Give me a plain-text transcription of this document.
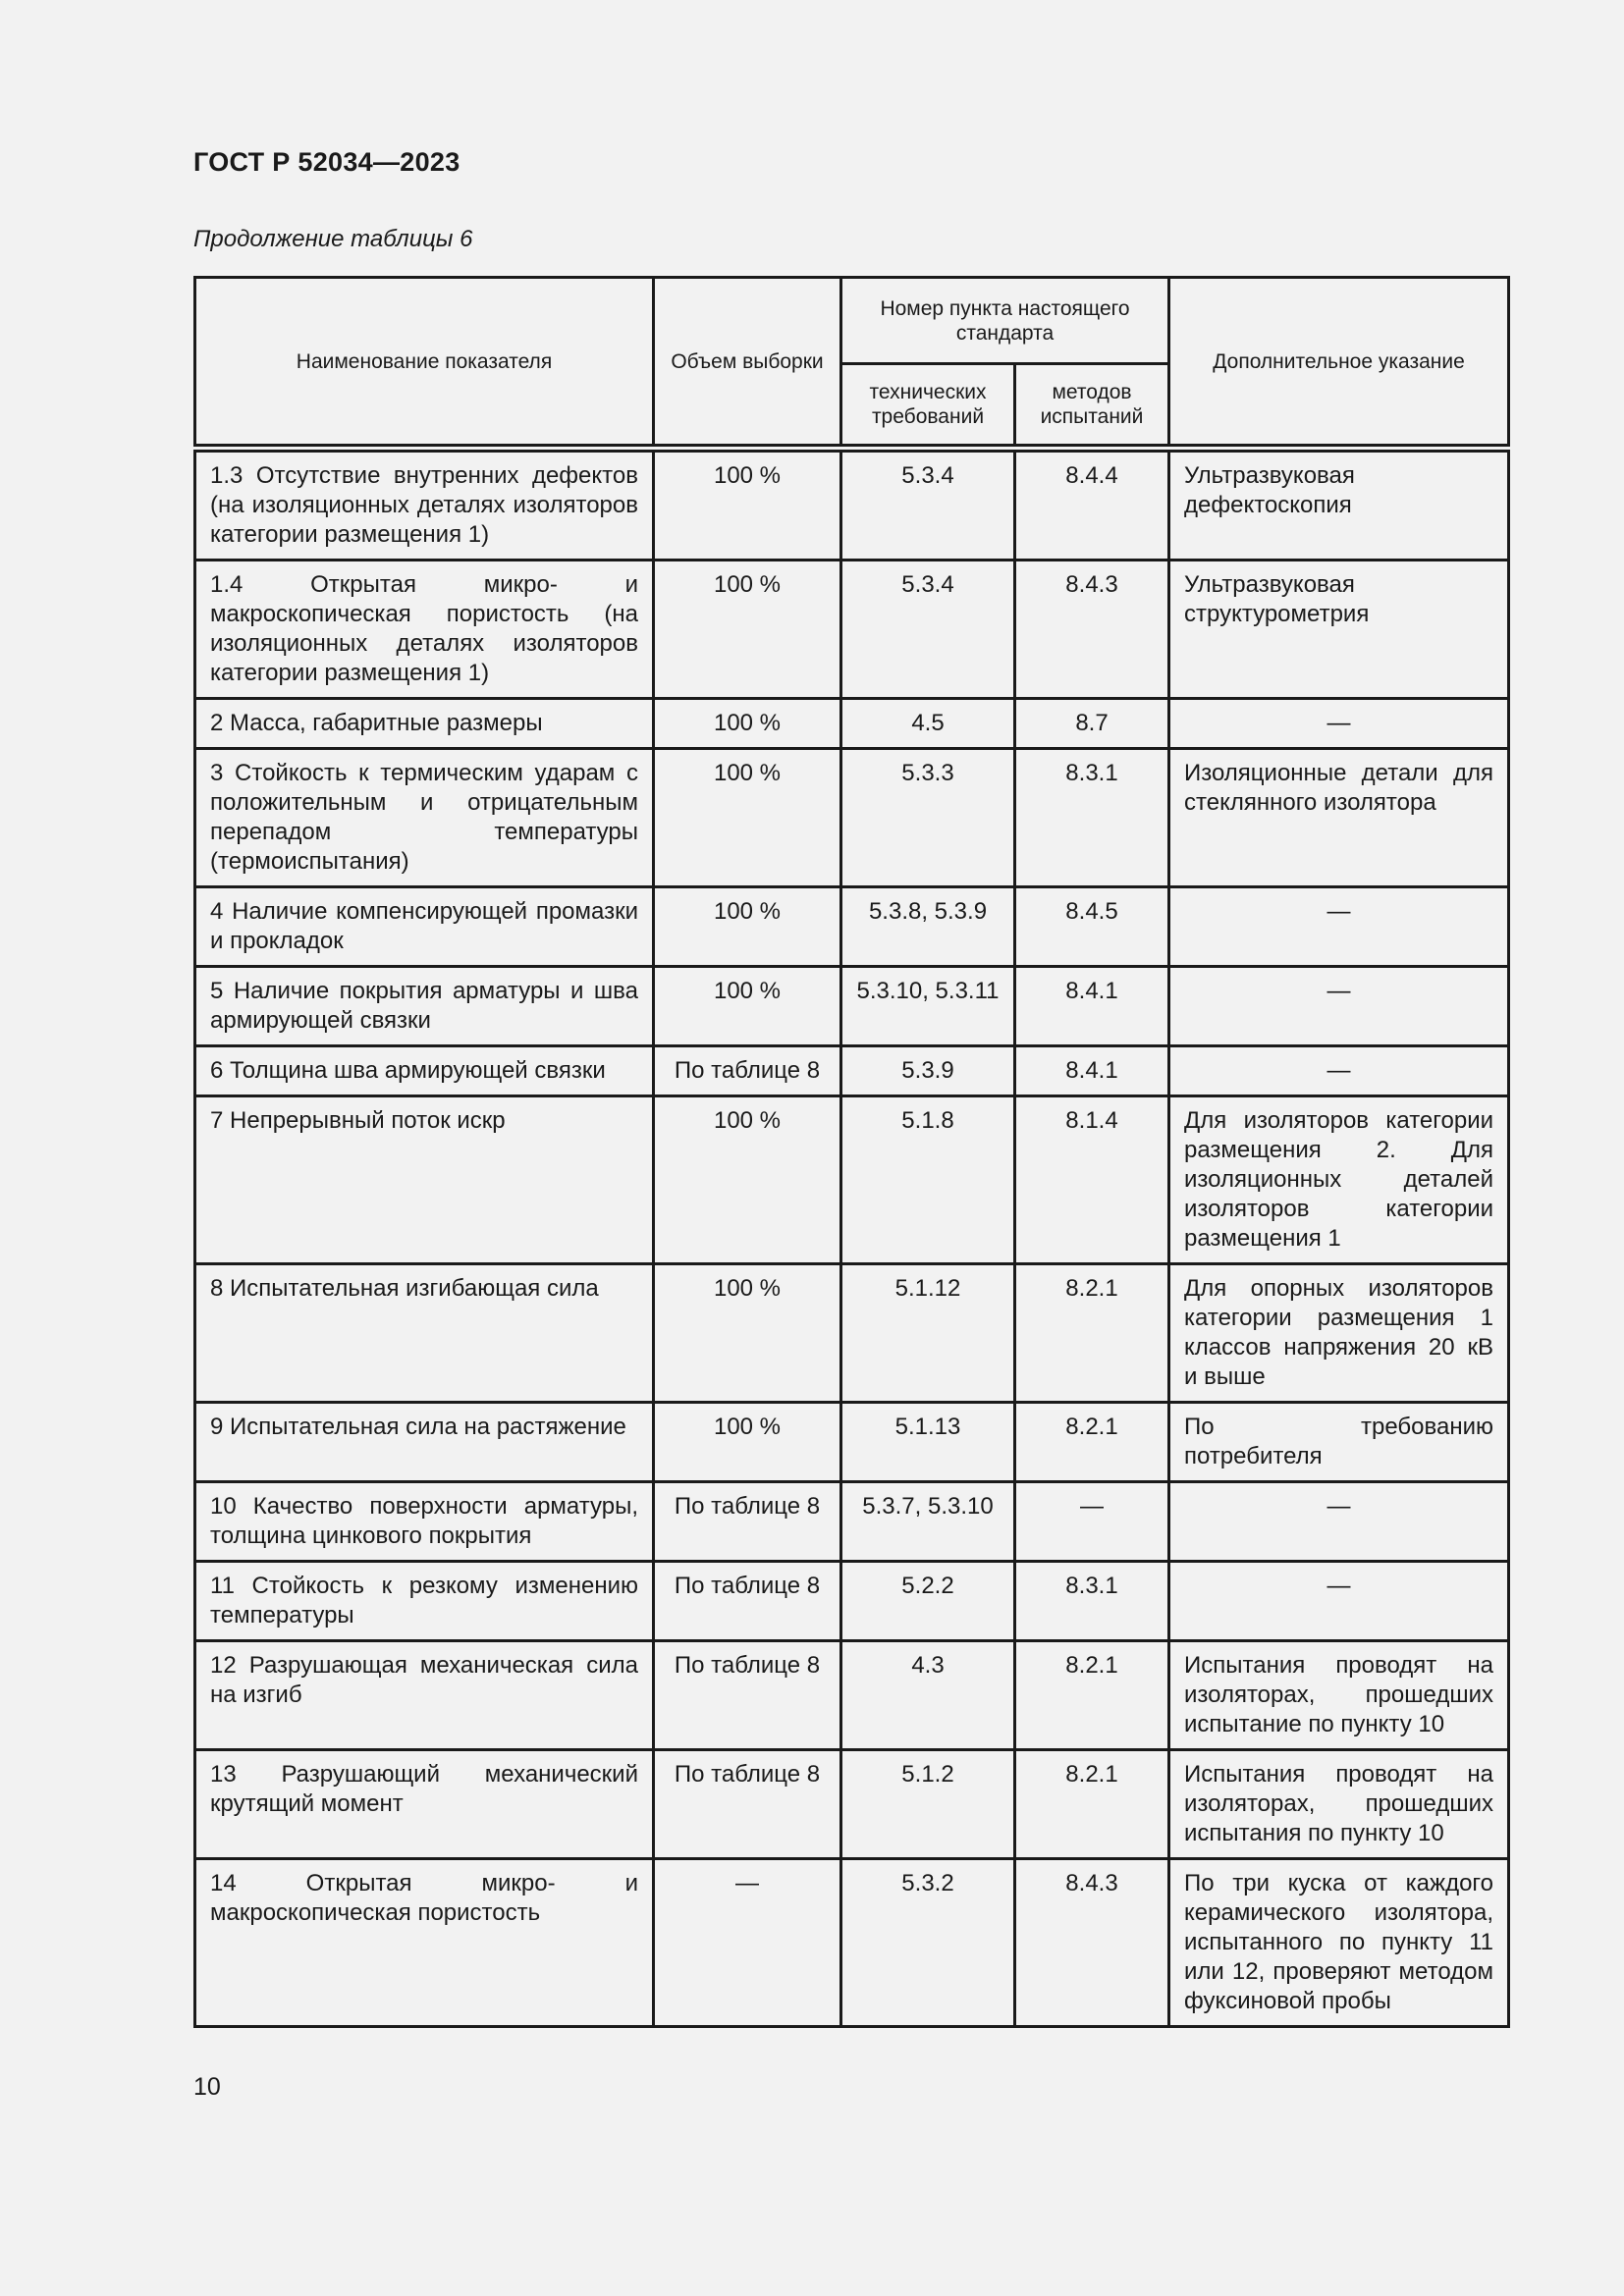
ГОСТ Р 52034—2023
Продолжение таблицы 6
Наименование показателя	Объем выборки	Номер пункта настоящего стандарта		Дополнительное указание
		технических требований	методов испытаний	
1.3 Отсутствие внутренних дефектов (на изоляционных деталях изоляторов категории размещения 1)	100 %	5.3.4	8.4.4	Ультразвуковая дефектоскопия
1.4 Открытая микро- и макроскопическая пористость (на изоляционных деталях изоляторов категории размещения 1)	100 %	5.3.4	8.4.3	Ультразвуковая структурометрия
2 Масса, габаритные размеры	100 %	4.5	8.7	—
3 Стойкость к термическим ударам с положительным и отрицательным перепадом температуры (термоиспытания)	100 %	5.3.3	8.3.1	Изоляционные детали для стеклянного изолятора
4 Наличие компенсирующей промазки и прокладок	100 %	5.3.8, 5.3.9	8.4.5	—
5 Наличие покрытия арматуры и шва армирующей связки	100 %	5.3.10, 5.3.11	8.4.1	—
6 Толщина шва армирующей связки	По таблице 8	5.3.9	8.4.1	—
7 Непрерывный поток искр	100 %	5.1.8	8.1.4	Для изоляторов категории размещения 2. Для изоляционных деталей изоляторов категории размещения 1
8 Испытательная изгибающая сила	100 %	5.1.12	8.2.1	Для опорных изоляторов категории размещения 1 классов напряжения 20 кВ и выше
9 Испытательная сила на растяжение	100 %	5.1.13	8.2.1	По требованию потребителя
10 Качество поверхности арматуры, толщина цинкового покрытия	По таблице 8	5.3.7, 5.3.10	—	—
11 Стойкость к резкому изменению температуры	По таблице 8	5.2.2	8.3.1	—
12 Разрушающая механическая сила на изгиб	По таблице 8	4.3	8.2.1	Испытания проводят на изоляторах, прошедших испытание по пункту 10
13 Разрушающий механический крутящий момент	По таблице 8	5.1.2	8.2.1	Испытания проводят на изоляторах, прошедших испытания по пункту 10
14 Открытая микро- и макроскопическая пористость	—	5.3.2	8.4.3	По три куска от каждого керамического изолятора, испытанного по пункту 11 или 12, проверяют методом фуксиновой пробы
10
